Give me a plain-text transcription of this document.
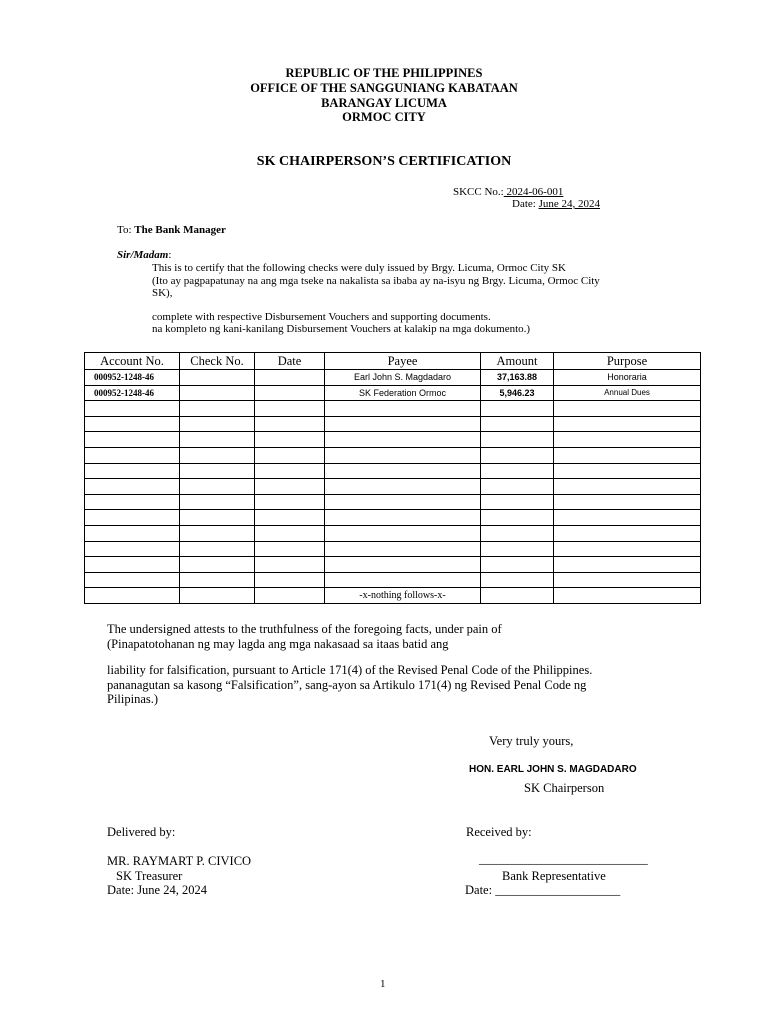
REPUBLIC OF THE PHILIPPINES
OFFICE OF THE SANGGUNIANG KABATAAN
BARANGAY LICUMA
ORMOC CITY
SK CHAIRPERSON’S CERTIFICATION
SKCC No.: 2024-06-001
Date: June 24, 2024
To: The Bank Manager
Sir/Madam:
This is to certify that the following checks were duly issued by Brgy. Licuma, Ormoc City SK
(Ito ay pagpapatunay na ang mga tseke na nakalista sa ibaba ay na-isyu ng Brgy. Licuma, Ormoc City
SK),
complete with respective Disbursement Vouchers and supporting documents.
na kompleto ng kani-kanilang Disbursement Vouchers at kalakip na mga dokumento.)
Account No.	Check No.	Date	Payee	Amount	Purpose
000952-1248-46			Earl John S. Magdadaro	37,163.88	Honoraria
000952-1248-46			SK Federation Ormoc	5,946.23	Annual Dues

			-x-nothing follows-x-		
The undersigned attests to the truthfulness of the foregoing facts, under pain of
(Pinapatotohanan ng may lagda ang mga nakasaad sa itaas batid ang
liability for falsification, pursuant to Article 171(4) of the Revised Penal Code of the Philippines.
pananagutan sa kasong “Falsification”, sang-ayon sa Artikulo 171(4) ng Revised Penal Code ng
Pilipinas.)
Very truly yours,
HON. EARL JOHN S. MAGDADARO
SK Chairperson
Delivered by:
MR. RAYMART P. CIVICO
SK Treasurer
Date: June 24, 2024
Received by:
___________________________
Bank Representative
Date: ____________________
1
